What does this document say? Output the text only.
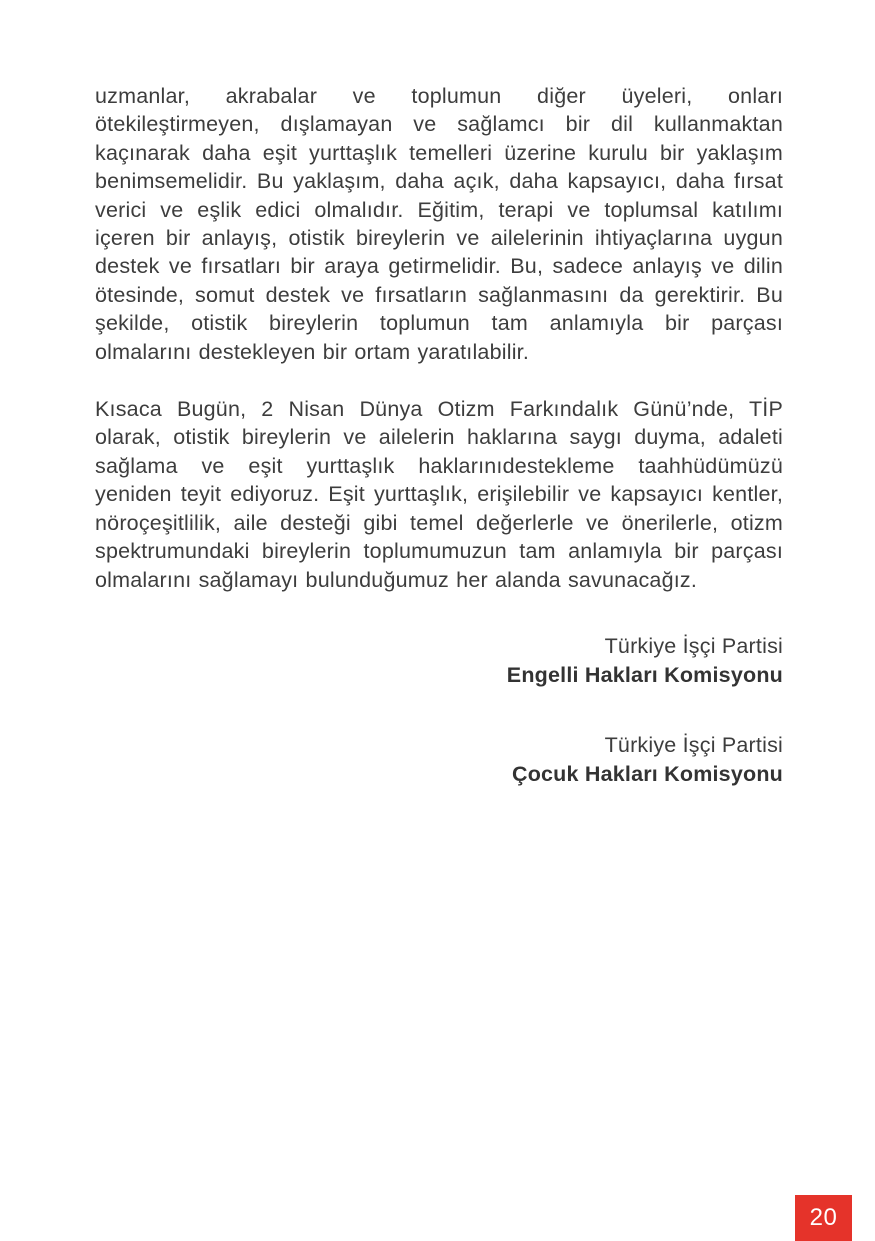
uzmanlar, akrabalar ve toplumun diğer üyeleri, onları ötekileştirmeyen, dışlamayan ve sağlamcı bir dil kullanmaktan kaçınarak daha eşit yurttaşlık temelleri üzerine kurulu bir yaklaşım benimsemelidir. Bu yaklaşım, daha açık, daha kapsayıcı, daha fırsat verici ve eşlik edici olmalıdır. Eğitim, terapi ve toplumsal katılımı içeren bir anlayış, otistik bireylerin ve ailelerinin ihtiyaçlarına uygun destek ve fırsatları bir araya getirmelidir. Bu, sadece anlayış ve dilin ötesinde, somut destek ve fırsatların sağlanmasını da gerektirir. Bu şekilde, otistik bireylerin toplumun tam anlamıyla bir parçası olmalarını destekleyen bir ortam yaratılabilir.

Kısaca Bugün, 2 Nisan Dünya Otizm Farkındalık Günü’nde, TİP olarak, otistik bireylerin ve ailelerin haklarına saygı duyma, adaleti sağlama ve eşit yurttaşlık haklarınıdestekleme taahhüdümüzü yeniden teyit ediyoruz. Eşit yurttaşlık, erişilebilir ve kapsayıcı kentler, nöroçeşitlilik, aile desteği gibi temel değerlerle ve önerilerle, otizm spektrumundaki bireylerin toplumumuzun tam anlamıyla bir parçası olmalarını sağlamayı bulunduğumuz her alanda savunacağız.

Türkiye İşçi Partisi
Engelli Hakları Komisyonu
Türkiye İşçi Partisi
Çocuk Hakları Komisyonu
20
